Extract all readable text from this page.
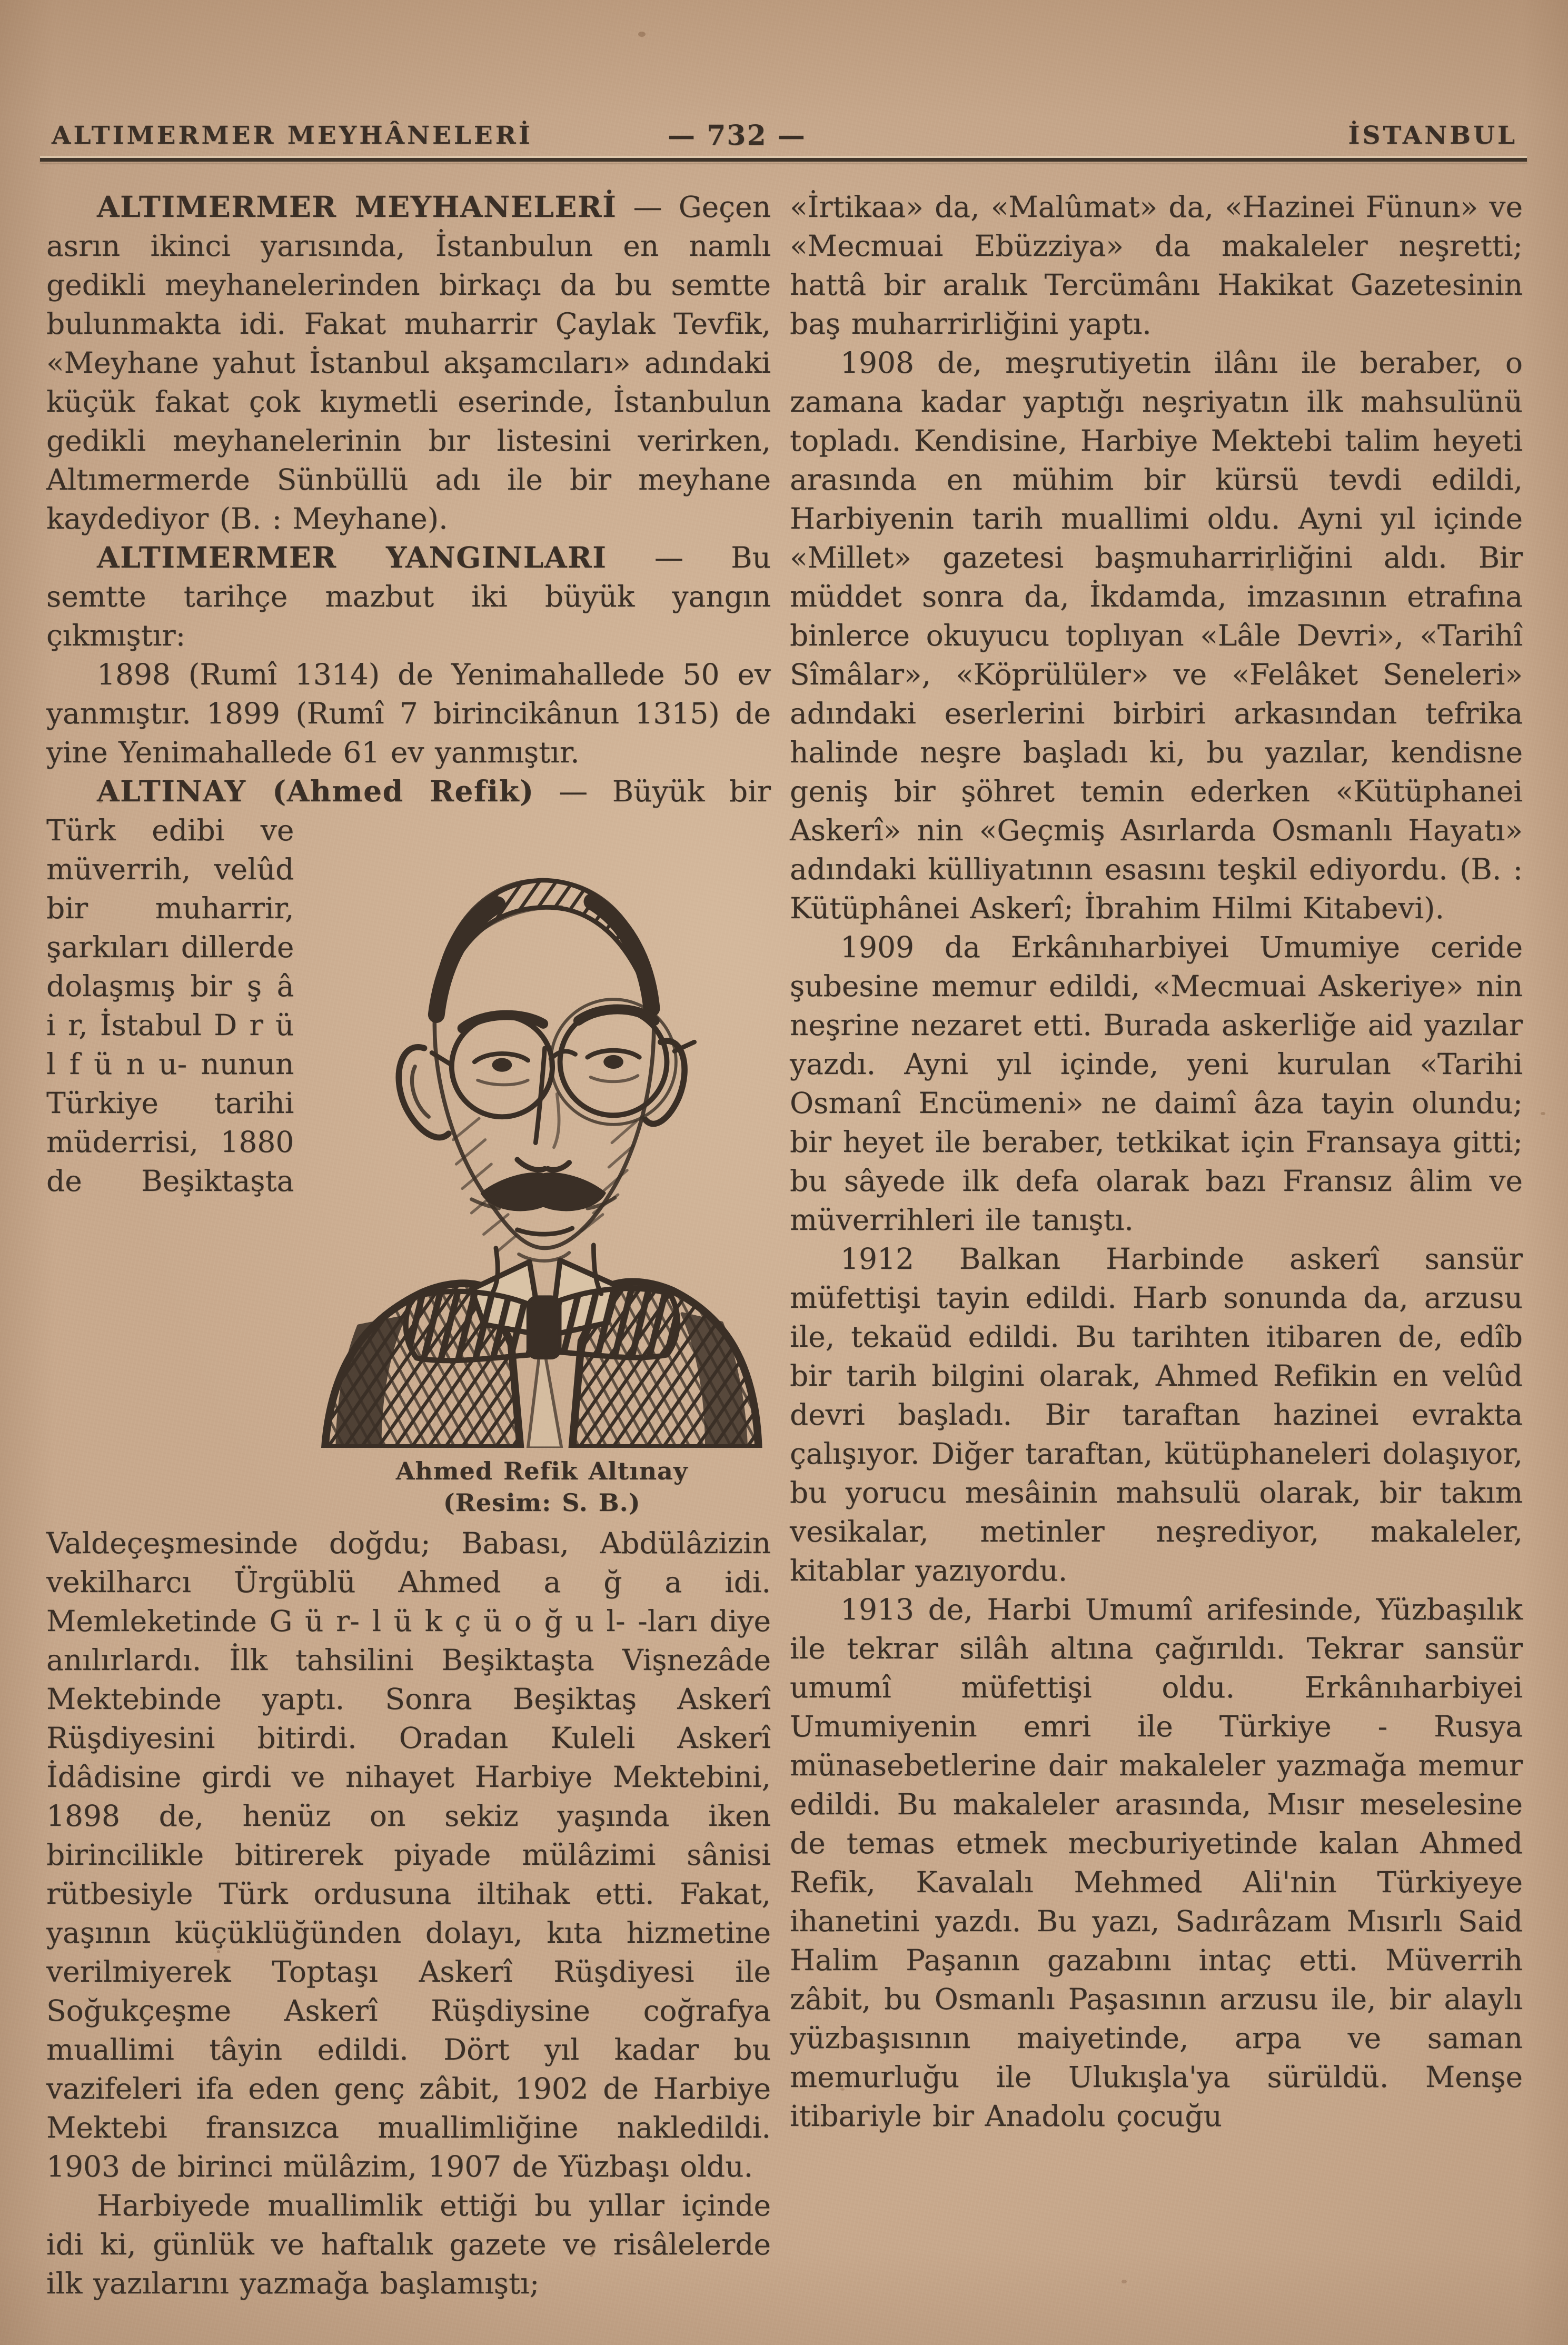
ALTIMERMER MEYHÂNELERİ	— 732 —	İSTANBUL

ALTIMERMER MEYHANELERİ — Geçen asrın ikinci yarısında, İstanbulun en namlı gedikli meyhanelerinden birkaçı da bu semtte bulunmakta idi. Fakat muharrir Çaylak Tevfik, «Meyhane yahut İstanbul akşamcıları» adındaki küçük fakat çok kıymetli eserinde, İstanbulun gedikli meyhanelerinin bır listesini verirken, Altımermerde Sünbüllü adı ile bir meyhane kaydediyor (B. : Meyhane).

ALTIMERMER YANGINLARI — Bu semtte tarihçe mazbut iki büyük yangın çıkmıştır:

1898 (Rumî 1314) de Yenimahallede 50 ev yanmıştır. 1899 (Rumî 7 birincikânun 1315) de yine Yenimahallede 61 ev yanmıştır.

ALTINAY (Ahmed Refik) — Büyük bir
Ahmed Refik Altınay
(Resim: S. B.)
Türk edibi ve müverrih, velûd bir muharrir, şarkıları dillerde dolaşmış bir ş â i r, İstabul D r ü l f ü n u- nunun Türkiye tarihi müderrisi, 1880 de Beşiktaşta Valdeçeşmesinde doğdu; Babası, Abdülâzizin vekilharcı Ürgüblü Ahmed a ğ a idi. Memleketinde G ü r- l ü k ç ü o ğ u l- -ları diye anılırlardı. İlk tahsilini Beşiktaşta Vişnezâde Mektebinde yaptı. Sonra Beşiktaş Askerî Rüşdiyesini bitirdi. Oradan Kuleli Askerî İdâdisine girdi ve nihayet Harbiye Mektebini, 1898 de, henüz on sekiz yaşında iken birincilikle bitirerek piyade mülâzimi sânisi rütbesiyle Türk ordusuna iltihak etti. Fakat, yaşının küçüklüğünden dolayı, kıta hizmetine verilmiyerek Toptaşı Askerî Rüşdiyesi ile Soğukçeşme Askerî Rüşdiysine coğrafya muallimi tâyin edildi. Dört yıl kadar bu vazifeleri ifa eden genç zâbit, 1902 de Harbiye Mektebi fransızca muallimliğine nakledildi. 1903 de birinci mülâzim, 1907 de Yüzbaşı oldu.

Harbiyede muallimlik ettiği bu yıllar içinde idi ki, günlük ve haftalık gazete ve risâlelerde ilk yazılarını yazmağa başlamıştı;

«İrtikaa» da, «Malûmat» da, «Hazinei Fünun» ve «Mecmuai Ebüzziya» da makaleler neşretti; hattâ bir aralık Tercümânı Hakikat Gazetesinin baş muharrirliğini yaptı.

1908 de, meşrutiyetin ilânı ile beraber, o zamana kadar yaptığı neşriyatın ilk mahsulünü topladı. Kendisine, Harbiye Mektebi talim heyeti arasında en mühim bir kürsü tevdi edildi, Harbiyenin tarih muallimi oldu. Ayni yıl içinde «Millet» gazetesi başmuharrirliğini aldı. Bir müddet sonra da, İkdamda, imzasının etrafına binlerce okuyucu toplıyan «Lâle Devri», «Tarihî Sîmâlar», «Köprülüler» ve «Felâket Seneleri» adındaki eserlerini birbiri arkasından tefrika halinde neşre başladı ki, bu yazılar, kendisne geniş bir şöhret temin ederken «Kütüphanei Askerî» nin «Geçmiş Asırlarda Osmanlı Hayatı» adındaki külliyatının esasını teşkil ediyordu. (B. : Kütüphânei Askerî; İbrahim Hilmi Kitabevi).

1909 da Erkânıharbiyei Umumiye ceride şubesine memur edildi, «Mecmuai Askeriye» nin neşrine nezaret etti. Burada askerliğe aid yazılar yazdı. Ayni yıl içinde, yeni kurulan «Tarihi Osmanî Encümeni» ne daimî âza tayin olundu; bir heyet ile beraber, tetkikat için Fransaya gitti; bu sâyede ilk defa olarak bazı Fransız âlim ve müverrihleri ile tanıştı.

1912 Balkan Harbinde askerî sansür müfettişi tayin edildi. Harb sonunda da, arzusu ile, tekaüd edildi. Bu tarihten itibaren de, edîb bir tarih bilgini olarak, Ahmed Refikin en velûd devri başladı. Bir taraftan hazinei evrakta çalışıyor. Diğer taraftan, kütüphaneleri dolaşıyor, bu yorucu mesâinin mahsulü olarak, bir takım vesikalar, metinler neşrediyor, makaleler, kitablar yazıyordu.

1913 de, Harbi Umumî arifesinde, Yüzbaşılık ile tekrar silâh altına çağırıldı. Tekrar sansür umumî müfettişi oldu. Erkânıharbiyei Umumiyenin emri ile Türkiye - Rusya münasebetlerine dair makaleler yazmağa memur edildi. Bu makaleler arasında, Mısır meselesine de temas etmek mecburiyetinde kalan Ahmed Refik, Kavalalı Mehmed Ali'nin Türkiyeye ihanetini yazdı. Bu yazı, Sadırâzam Mısırlı Said Halim Paşanın gazabını intaç etti. Müverrih zâbit, bu Osmanlı Paşasının arzusu ile, bir alaylı yüzbaşısının maiyetinde, arpa ve saman memurluğu ile Ulukışla'ya sürüldü. Menşe itibariyle bir Anadolu çocuğu
